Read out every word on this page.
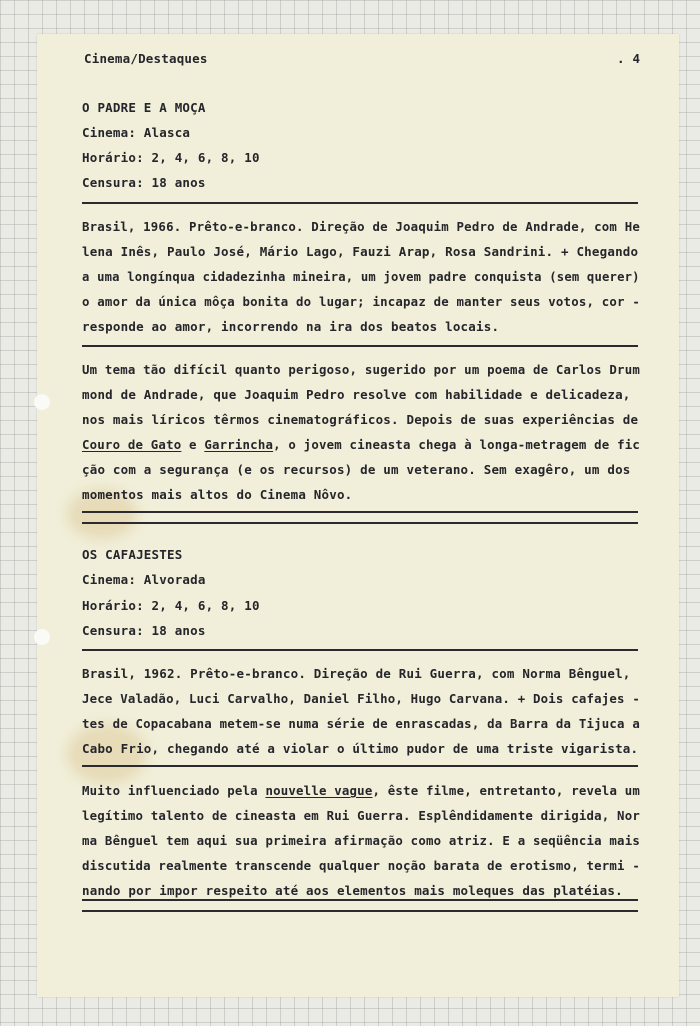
Cinema/Destaques	. 4

O PADRE E A MOÇA

Cinema: Alasca

Horário: 2, 4, 6, 8, 10

Censura: 18 anos

Brasil, 1966. Prêto-e-branco. Direção de Joaquim Pedro de Andrade, com He

lena Inês, Paulo José, Mário Lago, Fauzi Arap, Rosa Sandrini. + Chegando

a uma longínqua cidadezinha mineira, um jovem padre conquista (sem querer)

o amor da única môça bonita do lugar; incapaz de manter seus votos, cor -

responde ao amor, incorrendo na ira dos beatos locais.

Um tema tão difícil quanto perigoso, sugerido por um poema de Carlos Drum

mond de Andrade, que Joaquim Pedro resolve com habilidade e delicadeza,

nos mais líricos têrmos cinematográficos. Depois de suas experiências de

Couro de Gato e Garrincha, o jovem cineasta chega à longa-metragem de fic

ção com a segurança (e os recursos) de um veterano. Sem exagêro, um dos

momentos mais altos do Cinema Nôvo.

OS CAFAJESTES

Cinema: Alvorada

Horário: 2, 4, 6, 8, 10

Censura: 18 anos

Brasil, 1962. Prêto-e-branco. Direção de Rui Guerra, com Norma Bênguel,

Jece Valadão, Luci Carvalho, Daniel Filho, Hugo Carvana. + Dois cafajes -

tes de Copacabana metem-se numa série de enrascadas, da Barra da Tijuca a

Cabo Frio, chegando até a violar o último pudor de uma triste vigarista.

Muito influenciado pela nouvelle vague, êste filme, entretanto, revela um

legítimo talento de cineasta em Rui Guerra. Esplêndidamente dirigida, Nor

ma Bênguel tem aqui sua primeira afirmação como atriz. E a seqüência mais

discutida realmente transcende qualquer noção barata de erotismo, termi -

nando por impor respeito até aos elementos mais moleques das platéias.
